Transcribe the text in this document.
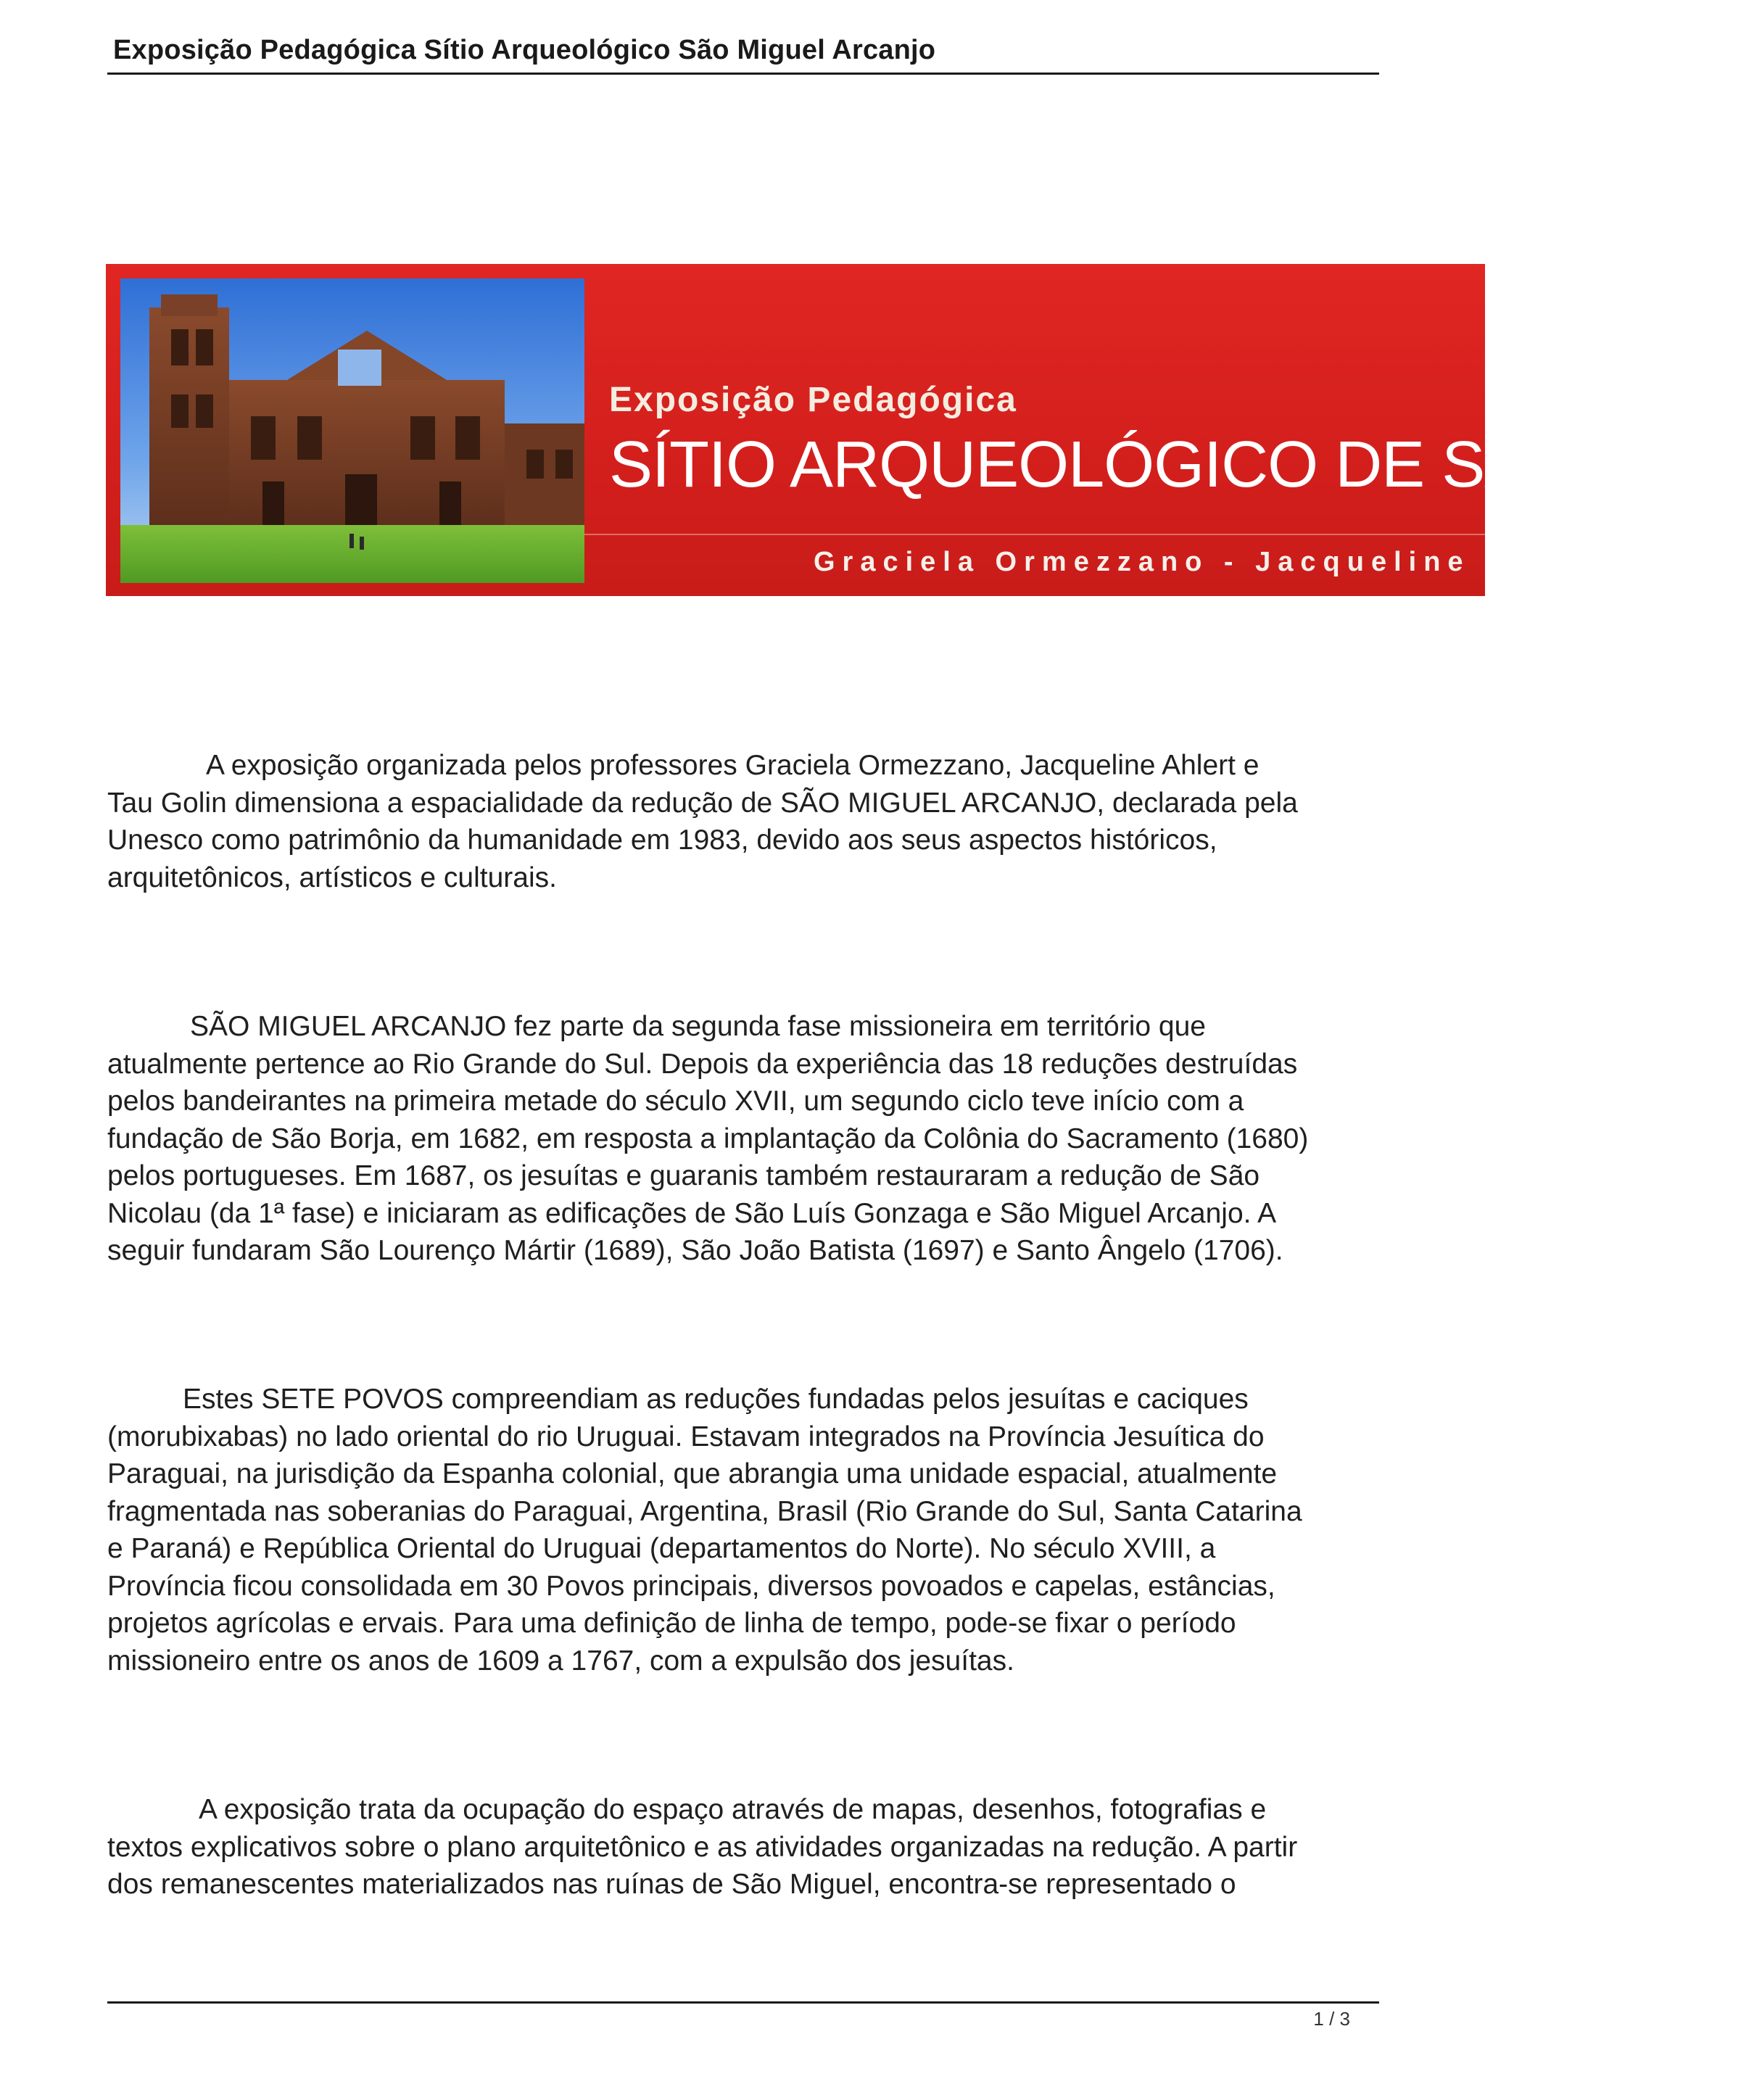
Exposição Pedagógica Sítio Arqueológico São Miguel Arcanjo
Exposição Pedagógica
SÍTIO ARQUEOLÓGICO DE SÃO MIGU
Graciela Ormezzano - Jacqueline
A exposição organizada pelos professores Graciela Ormezzano, Jacqueline Ahlert e
Tau Golin dimensiona a espacialidade da redução de SÃO MIGUEL ARCANJO, declarada pela
Unesco como patrimônio da humanidade em 1983, devido aos seus aspectos históricos,
arquitetônicos, artísticos e culturais.
SÃO MIGUEL ARCANJO fez parte da segunda fase missioneira em território que
atualmente pertence ao Rio Grande do Sul. Depois da experiência das 18 reduções destruídas
pelos bandeirantes na primeira metade do século XVII, um segundo ciclo teve início com a
fundação de São Borja, em 1682, em resposta a implantação da Colônia do Sacramento (1680)
pelos portugueses. Em 1687, os jesuítas e guaranis também restauraram a redução de São
Nicolau (da 1ª fase) e iniciaram as edificações de São Luís Gonzaga e São Miguel Arcanjo. A
seguir fundaram São Lourenço Mártir (1689), São João Batista (1697) e Santo Ângelo (1706).
Estes SETE POVOS compreendiam as reduções fundadas pelos jesuítas e caciques
(morubixabas) no lado oriental do rio Uruguai. Estavam integrados na Província Jesuítica do
Paraguai, na jurisdição da Espanha colonial, que abrangia uma unidade espacial, atualmente
fragmentada nas soberanias do Paraguai, Argentina, Brasil (Rio Grande do Sul, Santa Catarina
e Paraná) e República Oriental do Uruguai (departamentos do Norte). No século XVIII, a
Província ficou consolidada em 30 Povos principais, diversos povoados e capelas, estâncias,
projetos agrícolas e ervais. Para uma definição de linha de tempo, pode-se fixar o período
missioneiro entre os anos de 1609 a 1767, com a expulsão dos jesuítas.
A exposição trata da ocupação do espaço através de mapas, desenhos, fotografias e
textos explicativos sobre o plano arquitetônico e as atividades organizadas na redução. A partir
dos remanescentes materializados nas ruínas de São Miguel, encontra-se representado o
1 / 3
